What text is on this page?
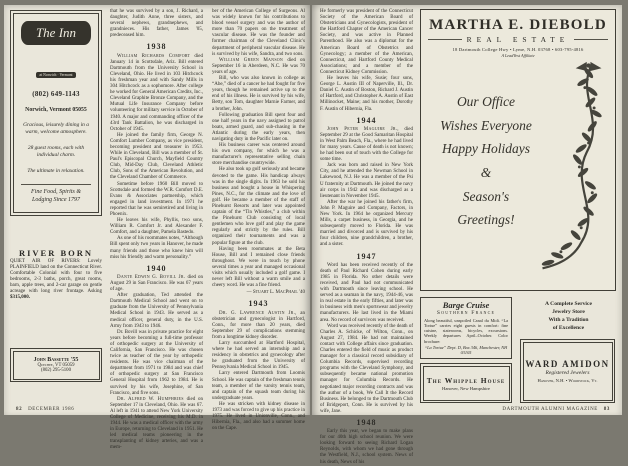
The Inn

at Norwich · Vermont
(802) 649-1143
Norwich, Vermont 05055
Gracious, leisurely dining in a warm, welcome atmosphere.
28 guest rooms, each with individual charm.
The ultimate in relaxation.
Fine Food, Spirits & Lodging Since 1797
RIVER BORN
QUIET AIR OF RIVERS: Lovely PLAINFIELD land on the Connecticut River. Comfortable Colonial with four to five bedrooms, 2-3 baths, porch, great rooms, barn, apple trees, and 2-car garage on gentle acreage with long river frontage. Asking $315,000.
John Bassette '55
Quechee, VT 05059
(802) 295-5100

that he was survived by a son, J. Richard, a daughter, Judith Anne, three sisters, and several nephews, grandnephews, and grandnieces. His father, James '05, predeceased him.

1938

William Richards Comfort died January 14 in Scottsdale, Ariz. Bill entered Dartmouth from the University School in Cleveland, Ohio. He lived in 103 Hitchcock his freshman year and with Sandy Mills in 304 Hitchcock as a sophomore. After college he worked for General American Credits, Inc., Cleveland Graphite Bronze Company, and the Mutual Life Insurance Company before volunteering for military service in October of 1940. A major and commanding officer of the 43rd Tank Battalion, he was discharged in October of 1945.

He joined the family firm, George N. Comfort Lumber Company, as vice president, becoming president and treasurer in 1953. While in Cleveland, Bill was a member of St. Paul's Episcopal Church, Mayfield Country Club, Mid-Day Club, Cleveland Athletic Club, Sons of the American Revolution, and the Cleveland Chamber of Commerce.

Sometime before 1960 Bill moved to Scottsdale and formed the W.R. Comfort D.E. Evans & Associates partnership, which engaged in land investment. In 1971 he reported that he was semiretired and living in Phoenix.

He leaves his wife, Phyllis, two sons, William R. Comfort Jr. and Alexander F. Comfort, and a daughter, Pamela Bastedo.

As one of his roommates notes, “Although Bill spent only two years in Hanover, he made many friends and those who knew him will miss his friendly and warm personality.”

1940

Dante Edwin G. Bovill Jr. died on August 29 in San Francisco. He was 67 years of age.

After graduation, Ted attended the Dartmouth Medical School and went on to graduate from the University of Pennsylvania Medical School in 1943. He served as a medical officer, general duty, in the U.S. Army from 1943 to 1946.

Dr. Bovill was in private practice for eight years before becoming a full-time professor of orthopedic surgery at the University of California, San Francisco. He was chosen twice as teacher of the year by orthopedic residents. He was vice chairman of the department from 1971 to 1984 and was chief of orthopedic surgery at San Francisco General Hospital from 1962 to 1984. He is survived by his wife, Josephine, of San Francisco, and five sons.

Dr. Alfred W. Humphries died on September 17 in Cleveland, Ohio. He was 67. Al left in 1941 to attend New York University College of Medicine, receiving his M.D. in 1944. He was a medical officer with the army in Europe, returning to Cleveland in 1951. He led medical teams pioneering in the transplanting of kidney arteries, and was a mem-

ber of the American College of Surgeons. Al was widely known for his contributions to blood vessel surgery and was the author of more than 70 papers on the treatment of vascular disease. He was the founder and former chairman of the Cleveland Clinic's department of peripheral vascular disease. He is survived by his wife, Sandra, and two sons.

William Green Manson died on September 16 in Aberdeen, N.C. He was 70 years of age.

Bill, who was also known in college as “Abe,” died of a cancer he had fought for five years, though he remained active up to the end of his illness. He is survived by his wife, Betty, son Tom, daughter Marnie Farmer, and a brother, John.

Following graduation Bill spent four and one half years in the navy assigned to patrol boats, armed guard, and sub-chasing in the Atlantic during the early years, then navigating duty in the Pacific later on.

His business career was centered around his own company, for which he was a manufacturer's representative selling chain store merchandise countrywide.

He also took up golf seriously and became devoted to the game. His handicap always was in the single digits. In 1963 he sold his business and bought a house in Whispering Pines, N.C., for the climate and the love of golf. He became a member of the staff of Pinehurst Resorts and later was appointed captain of the “Tin Whistles,” a club within the Pinehurst Club consisting of local gentlemen who love golf and play the game regularly and strictly by the rules. Bill organized their tournaments and was a popular figure at the club.

Having been roommates at the Beta House, Bill and I remained close friends throughout. We were in touch by phone several times a year and managed occasional visits which usually included a golf game. I never left Bill without a warm smile and a cheery word. He was a fine friend.

— Stuart L. MacPhail '40

1943

Dr. G. Lawrence Austin Jr., an obstetrician and gynecologist in Hartford, Conn., for more than 20 years, died September 29 of complications stemming from a longtime kidney disorder.

Larry succumbed at Hartford Hospital, where he had served an internship and a residency in obstetrics and gynecology after he graduated from the University of Pennsylvania Medical School in 1945.

Larry entered Dartmouth from Loomis School. He was captain of the freshman tennis team, a member of the varsity tennis team, and captain of the squash team during his undergraduate years.

He was stricken with kidney disease in 1973 and was forced to give up his practice in 1975. He lived in Unionville, Conn., and Hibernia, Fla., and also had a summer home on the Cape.

82 DECEMBER 1986

He formerly was president of the Connecticut Society of the American Board of Obstetricians and Gynecologists, president of the Hartford Chapter of the American Cancer Society, and was active in Planned Parenthood. He also was a diplomat for the American Board of Obstetrics and Gynecology; a member of the American, Connecticut, and Hartford County Medical Associations; and a member of the Connecticut Kidney Commission.

He leaves his wife, Susie; four sons, George L. Austin III of Naperville, Ill., Dr. Daniel C. Austin of Boston, Richard J. Austin of Hartford, and Christopher A. Austin of East Millinocket, Maine; and his mother, Dorothy F. Austin of Hibernia, Fla.

1944

John Peter Maguire Jr., died September 29 at the Good Samaritan Hospital in West Palm Beach, Fla., where he had lived for many years. Cause of death is not known; he had been out of touch with the College for some time.

Jack was born and raised in New York City, and he attended the Newman School in Lakewood, N.J. He was a member of the Psi U fraternity at Dartmouth. He joined the navy air corps in 1942 and was discharged as a lieutenant in November 1945.

After the war he joined his father's firm, John P. Maguire and Company, Factors, in New York. In 1964 he organized Mercury Mills, a carpet business, in Georgia, and he subsequently moved to Florida. He was married and divorced and is survived by his four children, nine grandchildren, a brother, and a sister.

1947

Word has been received recently of the death of Paul Richard Cohen during early 1985 in Florida. No other details were received, and Paul had not communicated with Dartmouth since leaving school. He served as a seaman in the navy, 1944-46, was in real estate in the early fifties, and later was in business with men's sportswear and jewelry manufacturers. He last lived in the Miami area. No record of survivors was received.

Word was received recently of the death of Charles A. Schicke, of Wilton, Conn., on August 27, 1984. He had not maintained contact with College affairs since graduation. Charles entered the field of music as product manager for a classical record subsidiary of Columbia Records, supervised recording programs with the Cleveland Symphony, and subsequently became national promotion manager for Columbia Records. He negotiated major recording contracts and was the author of a book, We Call It the Record Business. He belonged to the Dartmouth Club of Bridgeport, Conn. He is survived by his wife, Jane.

1948

Early this year, we began to make plans for our 40th high school reunion. We were looking forward to seeing Richard Logan Reynolds, with whom we had gone through the Westfield, N.J., school system. News of his death, News of his

MARTHA E. DIEBOLD
REAL ESTATE
18 Dartmouth College Hwy • Lyme, N.H. 03768 • 603-795-4816
A LeadVest Affiliate
Our Office
Wishes Everyone
Happy Holidays
&
Season's
Greetings!
Barge Cruise
Southern France
Along beautiful, unspoiled Canal du Midi. “La Tortue” carries eight guests in comfort: fine cuisine, staterooms, bicycles, excursions. Weekly departures April–October. Color brochure:
“La Tortue” Dept. D, Box 346, Manchester, NH 03105
The Whipple House
Hanover, New Hampshire
A Complete Service
Jewelry Store
With a Tradition
of Excellence
WARD AMIDON
Registered Jewelers
Hanover, N.H. • Woodstock, Vt.
DARTMOUTH ALUMNI MAGAZINE 83
